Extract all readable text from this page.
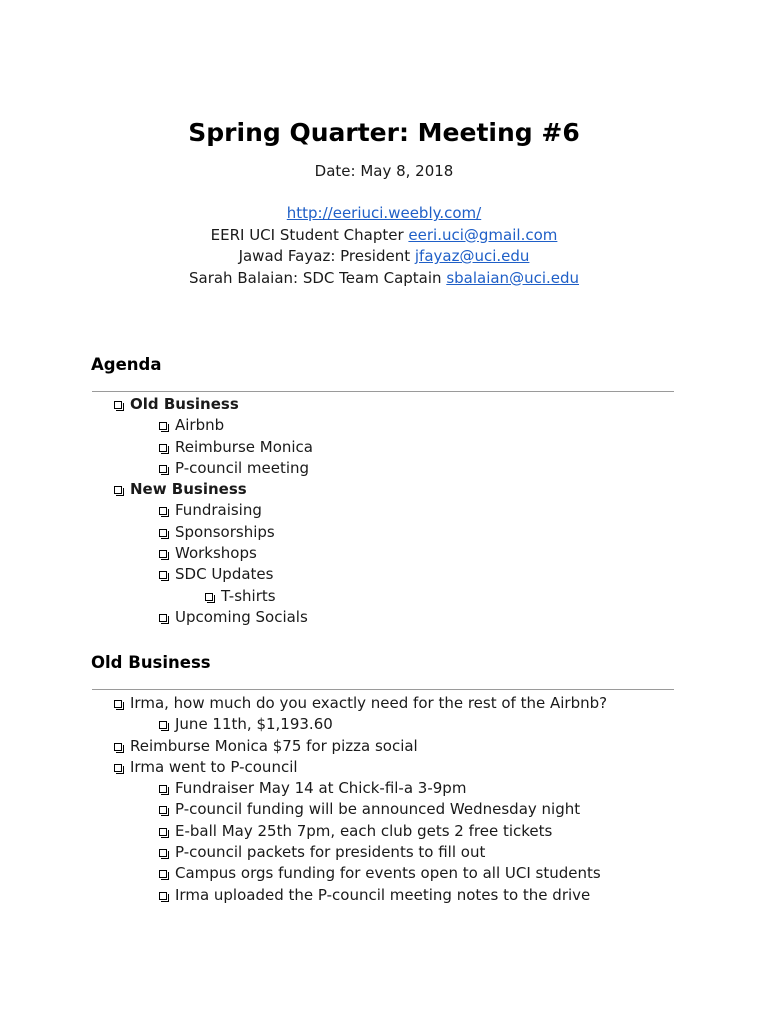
Spring Quarter: Meeting #6
Date: May 8, 2018
http://eeriuci.weebly.com/
EERI UCI Student Chapter eeri.uci@gmail.com
Jawad Fayaz: President jfayaz@uci.edu
Sarah Balaian: SDC Team Captain sbalaian@uci.edu
Agenda
Old Business
Airbnb
Reimburse Monica
P-council meeting
New Business
Fundraising
Sponsorships
Workshops
SDC Updates
T-shirts
Upcoming Socials
Old Business
Irma, how much do you exactly need for the rest of the Airbnb?
June 11th, $1,193.60
Reimburse Monica $75 for pizza social
Irma went to P-council
Fundraiser May 14 at Chick-fil-a 3-9pm
P-council funding will be announced Wednesday night
E-ball May 25th 7pm, each club gets 2 free tickets
P-council packets for presidents to fill out
Campus orgs funding for events open to all UCI students
Irma uploaded the P-council meeting notes to the drive
